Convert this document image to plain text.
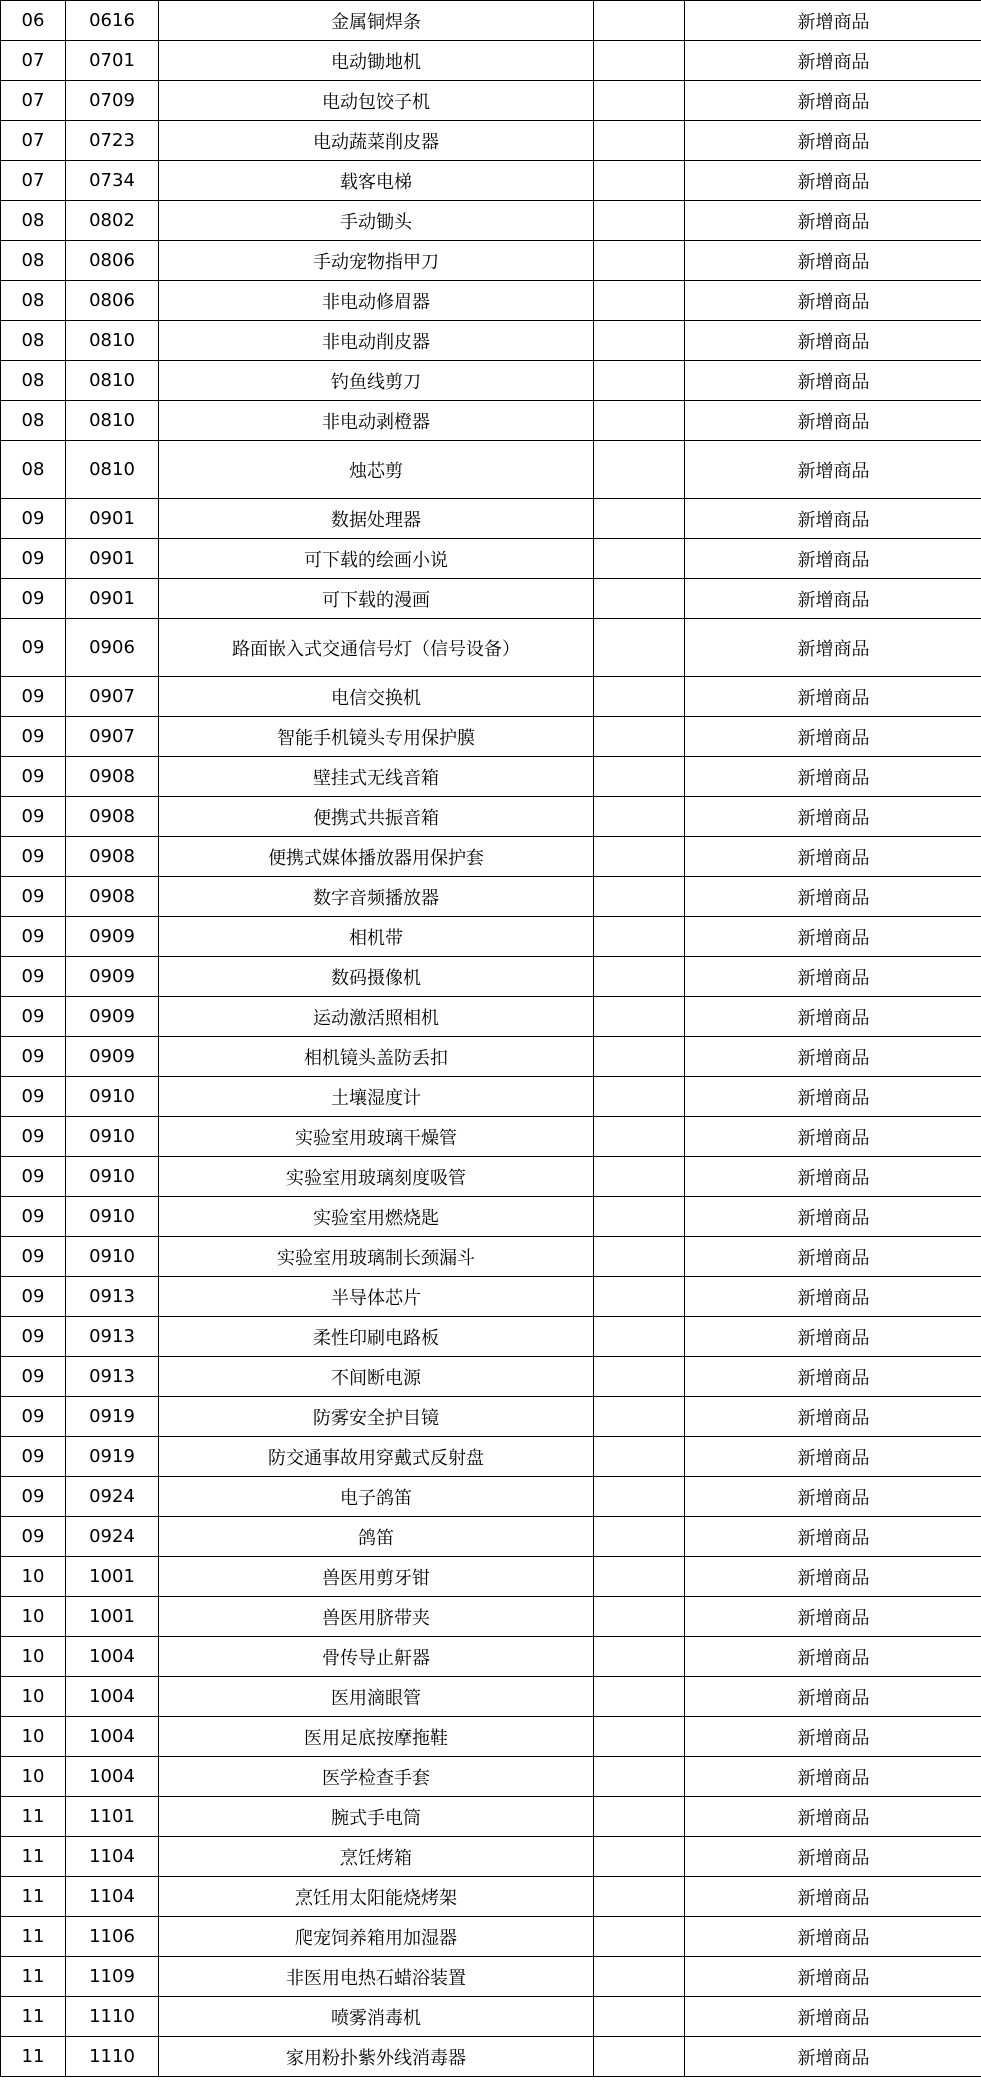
06	0616	金属铜焊条		新增商品
07	0701	电动锄地机		新增商品
07	0709	电动包饺子机		新增商品
07	0723	电动蔬菜削皮器		新增商品
07	0734	载客电梯		新增商品
08	0802	手动锄头		新增商品
08	0806	手动宠物指甲刀		新增商品
08	0806	非电动修眉器		新增商品
08	0810	非电动削皮器		新增商品
08	0810	钓鱼线剪刀		新增商品
08	0810	非电动剥橙器		新增商品
08	0810	烛芯剪		新增商品
09	0901	数据处理器		新增商品
09	0901	可下载的绘画小说		新增商品
09	0901	可下载的漫画		新增商品
09	0906	路面嵌入式交通信号灯（信号设备）		新增商品
09	0907	电信交换机		新增商品
09	0907	智能手机镜头专用保护膜		新增商品
09	0908	壁挂式无线音箱		新增商品
09	0908	便携式共振音箱		新增商品
09	0908	便携式媒体播放器用保护套		新增商品
09	0908	数字音频播放器		新增商品
09	0909	相机带		新增商品
09	0909	数码摄像机		新增商品
09	0909	运动激活照相机		新增商品
09	0909	相机镜头盖防丢扣		新增商品
09	0910	土壤湿度计		新增商品
09	0910	实验室用玻璃干燥管		新增商品
09	0910	实验室用玻璃刻度吸管		新增商品
09	0910	实验室用燃烧匙		新增商品
09	0910	实验室用玻璃制长颈漏斗		新增商品
09	0913	半导体芯片		新增商品
09	0913	柔性印刷电路板		新增商品
09	0913	不间断电源		新增商品
09	0919	防雾安全护目镜		新增商品
09	0919	防交通事故用穿戴式反射盘		新增商品
09	0924	电子鸽笛		新增商品
09	0924	鸽笛		新增商品
10	1001	兽医用剪牙钳		新增商品
10	1001	兽医用脐带夹		新增商品
10	1004	骨传导止鼾器		新增商品
10	1004	医用滴眼管		新增商品
10	1004	医用足底按摩拖鞋		新增商品
10	1004	医学检查手套		新增商品
11	1101	腕式手电筒		新增商品
11	1104	烹饪烤箱		新增商品
11	1104	烹饪用太阳能烧烤架		新增商品
11	1106	爬宠饲养箱用加湿器		新增商品
11	1109	非医用电热石蜡浴装置		新增商品
11	1110	喷雾消毒机		新增商品
11	1110	家用粉扑紫外线消毒器		新增商品
